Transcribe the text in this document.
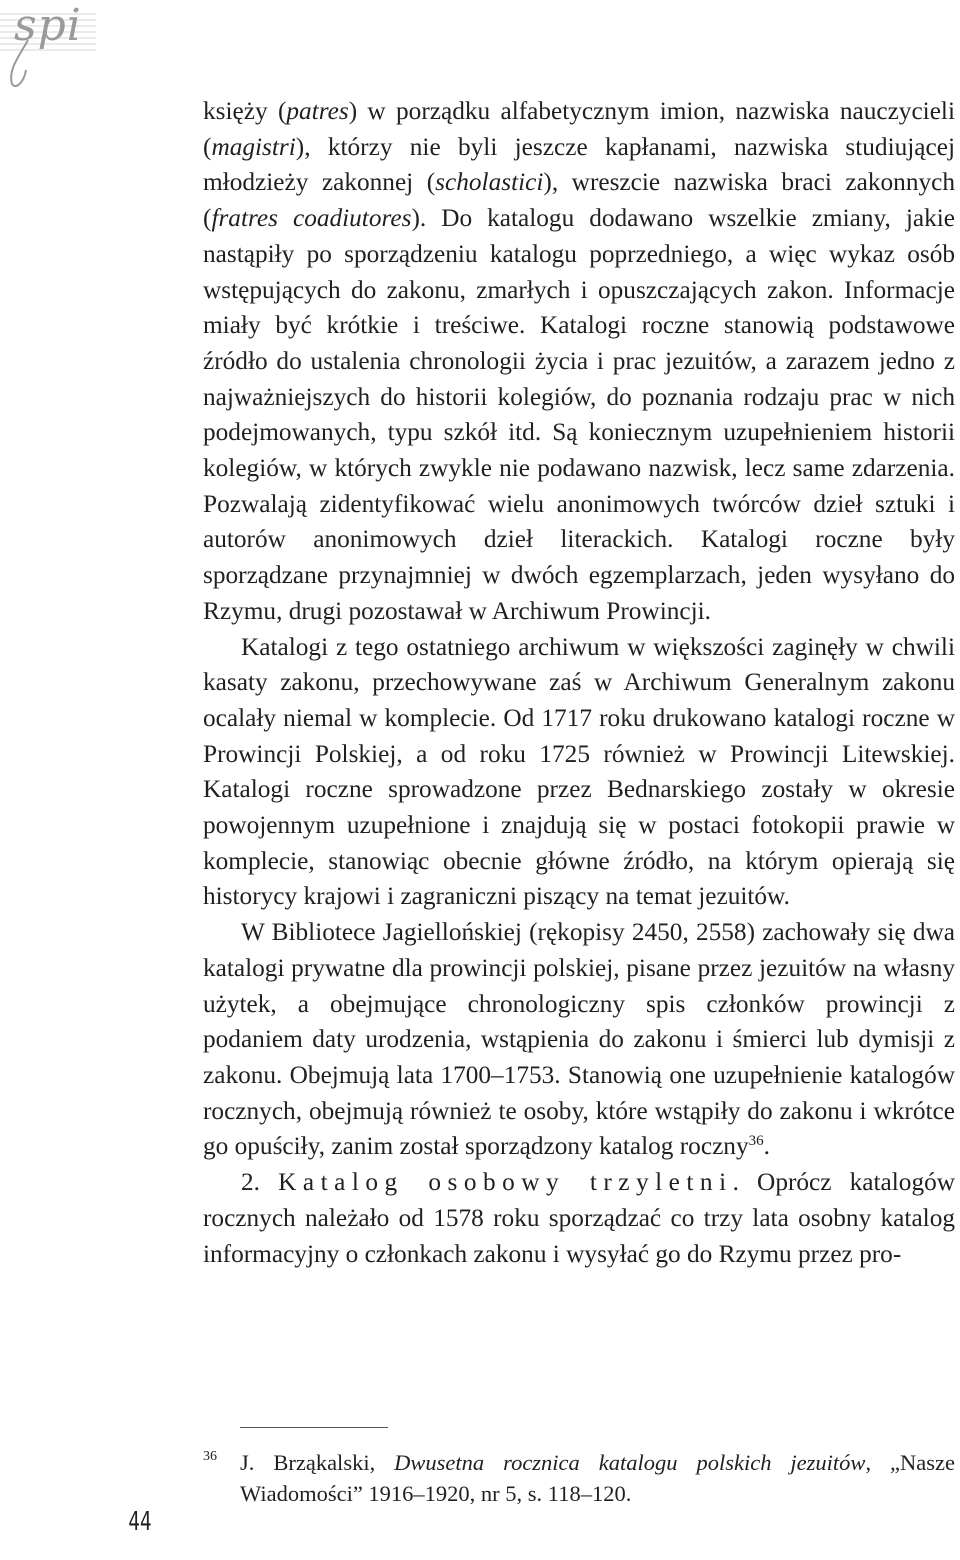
spi

księży (patres) w porządku alfabetycznym imion, nazwiska nauczycieli (magistri), którzy nie byli jeszcze kapłanami, nazwiska studiującej młodzieży zakonnej (scholastici), wreszcie nazwiska braci zakonnych (fratres coadiutores). Do katalogu dodawano wszelkie zmiany, jakie nastąpiły po sporządzeniu katalogu poprzedniego, a więc wykaz osób wstępujących do zakonu, zmarłych i opuszczających zakon. Informacje miały być krótkie i treściwe. Katalogi roczne stanowią podstawowe źródło do ustalenia chronologii życia i prac jezuitów, a zarazem jedno z najważniejszych do historii kolegiów, do poznania rodzaju prac w nich podejmowanych, typu szkół itd. Są koniecznym uzupełnieniem historii kolegiów, w których zwykle nie podawano nazwisk, lecz same zdarzenia. Pozwalają zidentyfikować wielu anonimowych twórców dzieł sztuki i autorów anonimowych dzieł literackich. Katalogi roczne były sporządzane przynajmniej w dwóch egzemplarzach, jeden wysyłano do Rzymu, drugi pozostawał w Archiwum Prowincji.

Katalogi z tego ostatniego archiwum w większości zaginęły w chwili kasaty zakonu, przechowywane zaś w Archiwum Generalnym zakonu ocalały niemal w komplecie. Od 1717 roku drukowano katalogi roczne w Prowincji Polskiej, a od roku 1725 również w Prowincji Litewskiej. Katalogi roczne sprowadzone przez Bednarskiego zostały w okresie powojennym uzupełnione i znajdują się w postaci fotokopii prawie w komplecie, stanowiąc obecnie główne źródło, na którym opierają się historycy krajowi i zagraniczni piszący na temat jezuitów.

W Bibliotece Jagiellońskiej (rękopisy 2450, 2558) zachowały się dwa katalogi prywatne dla prowincji polskiej, pisane przez jezuitów na własny użytek, a obejmujące chronologiczny spis członków prowincji z podaniem daty urodzenia, wstąpienia do zakonu i śmierci lub dymisji z zakonu. Obejmują lata 1700–1753. Stanowią one uzupełnienie katalogów rocznych, obejmują również te osoby, które wstąpiły do zakonu i wkrótce go opuściły, zanim został sporządzony katalog roczny$^{36}$.

2. Katalog osobowy trzyletni. Oprócz katalogów rocznych należało od 1578 roku sporządzać co trzy lata osobny katalog informacyjny o członkach zakonu i wysyłać go do Rzymu przez pro-

36 J. Brząkalski, Dwusetna rocznica katalogu polskich jezuitów, „Nasze Wiadomości” 1916–1920, nr 5, s. 118–120.
44
